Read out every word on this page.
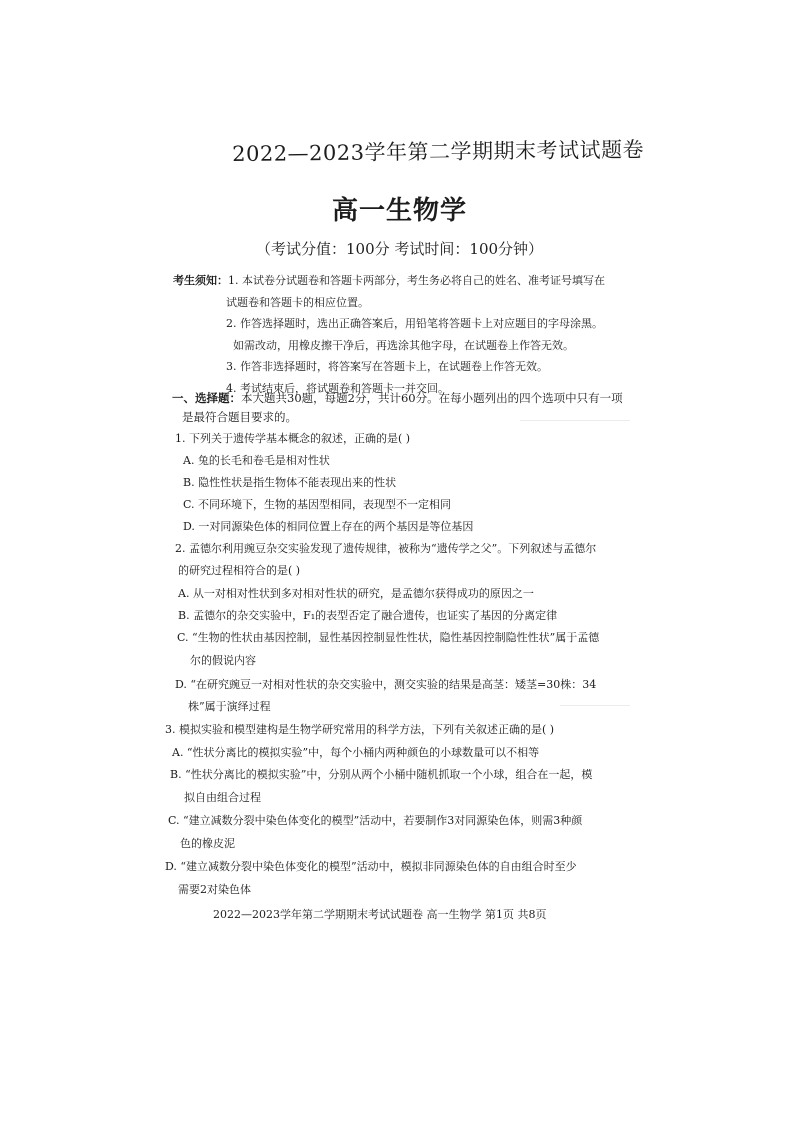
2022—2023学年第二学期期末考试试题卷
高一生物学
（考试分值：100分 考试时间：100分钟）
考生须知：1. 本试卷分试题卷和答题卡两部分，考生务必将自己的姓名、准考证号填写在
试题卷和答题卡的相应位置。
2. 作答选择题时，选出正确答案后，用铅笔将答题卡上对应题目的字母涂黑。
如需改动，用橡皮擦干净后，再选涂其他字母，在试题卷上作答无效。
3. 作答非选择题时，将答案写在答题卡上，在试题卷上作答无效。
4. 考试结束后，将试题卷和答题卡一并交回。
一、选择题：本大题共30题，每题2分，共计60分。在每小题列出的四个选项中只有一项
是最符合题目要求的。
1. 下列关于遗传学基本概念的叙述，正确的是( )
A. 兔的长毛和卷毛是相对性状
B. 隐性性状是指生物体不能表现出来的性状
C. 不同环境下，生物的基因型相同，表现型不一定相同
D. 一对同源染色体的相同位置上存在的两个基因是等位基因
2. 孟德尔利用豌豆杂交实验发现了遗传规律，被称为“遗传学之父”。下列叙述与孟德尔
的研究过程相符合的是( )
A. 从一对相对性状到多对相对性状的研究，是孟德尔获得成功的原因之一
B. 孟德尔的杂交实验中，F₁的表型否定了融合遗传，也证实了基因的分离定律
C. “生物的性状由基因控制，显性基因控制显性性状，隐性基因控制隐性性状”属于孟德
尔的假说内容
D. “在研究豌豆一对相对性状的杂交实验中，测交实验的结果是高茎：矮茎=30株：34
株”属于演绎过程
3. 模拟实验和模型建构是生物学研究常用的科学方法，下列有关叙述正确的是( )
A. “性状分离比的模拟实验”中，每个小桶内两种颜色的小球数量可以不相等
B. “性状分离比的模拟实验”中，分别从两个小桶中随机抓取一个小球，组合在一起，模
拟自由组合过程
C. “建立减数分裂中染色体变化的模型”活动中，若要制作3对同源染色体，则需3种颜
色的橡皮泥
D. “建立减数分裂中染色体变化的模型”活动中，模拟非同源染色体的自由组合时至少
需要2对染色体
2022—2023学年第二学期期末考试试题卷 高一生物学 第1页 共8页
